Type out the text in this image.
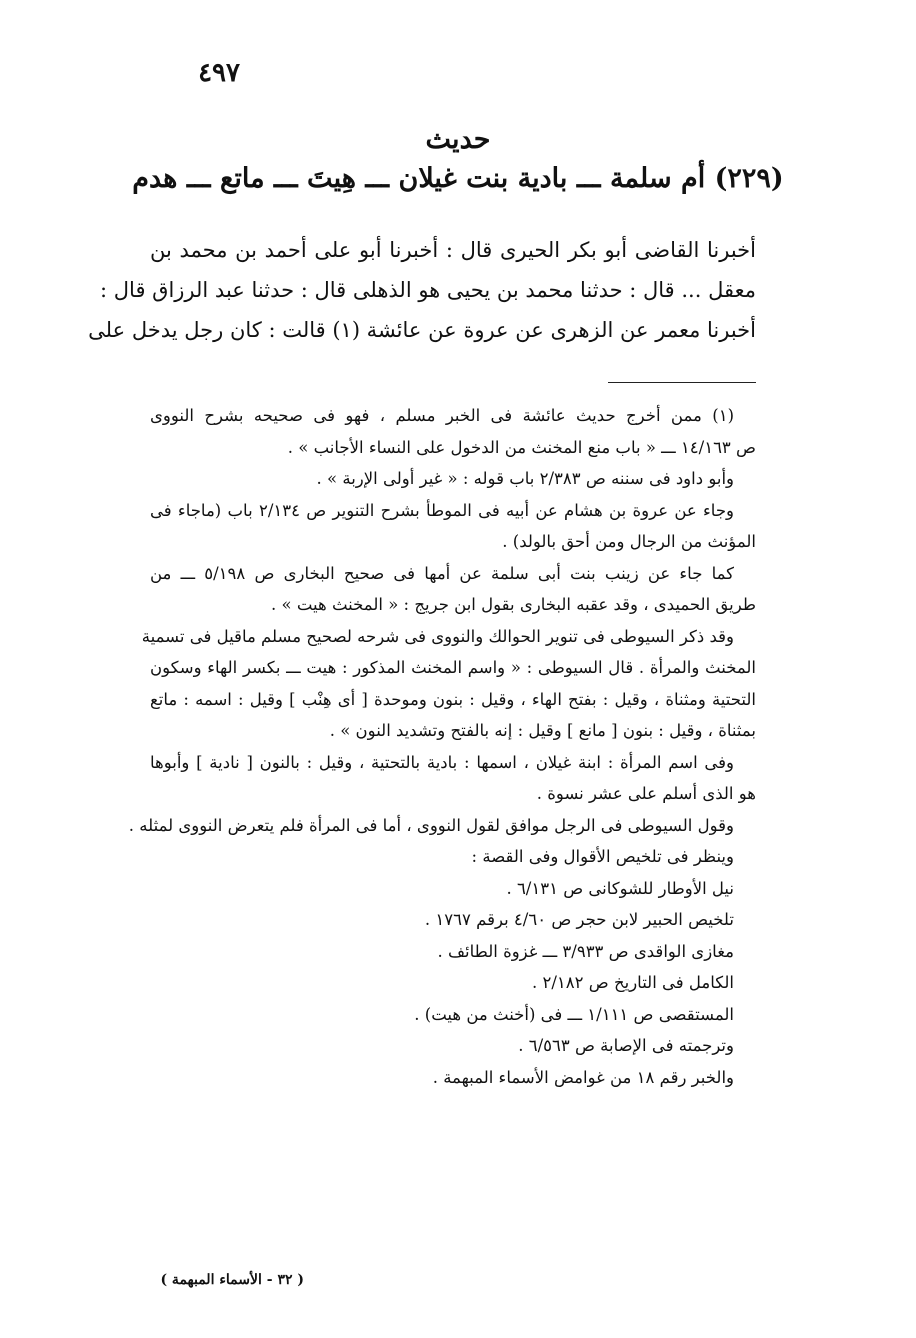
٤٩٧
حديث
(٢٢٩) أم سلمة ـــ بادية بنت غيلان ـــ هِيتَ ـــ ماتع ـــ هدم
أخبرنا القاضى أبو بكر الحيرى قال : أخبرنا أبو على أحمد بن محمد بن
معقل ... قال : حدثنا محمد بن يحيى هو الذهلى قال : حدثنا عبد الرزاق قال :
أخبرنا معمر عن الزهرى عن عروة عن عائشة (١) قالت : كان رجل يدخل على
(١) ممن أخرج حديث عائشة فى الخبر مسلم ، فهو فى صحيحه بشرح النووى
ص ١٤/١٦٣ ـــ « باب منع المخنث من الدخول على النساء الأجانب » .
وأبو داود فى سننه ص ٢/٣٨٣ باب قوله : « غير أولى الإربة » .
وجاء عن عروة بن هشام عن أبيه فى الموطأ بشرح التنوير ص ٢/١٣٤ باب (ماجاء فى
المؤنث من الرجال ومن أحق بالولد) .
كما جاء عن زينب بنت أبى سلمة عن أمها فى صحيح البخارى ص ٥/١٩٨ ـــ من
طريق الحميدى ، وقد عقبه البخارى بقول ابن جريج : « المخنث هيت » .
وقد ذكر السيوطى فى تنوير الحوالك والنووى فى شرحه لصحيح مسلم ماقيل فى تسمية
المخنث والمرأة . قال السيوطى : « واسم المخنث المذكور : هيت ـــ بكسر الهاء وسكون
التحتية ومثناة ، وقيل : بفتح الهاء ، وقيل : بنون وموحدة [ أى هِنْب ] وقيل : اسمه : ماتع
بمثناة ، وقيل : بنون [ مانع ] وقيل : إنه بالفتح وتشديد النون » .
وفى اسم المرأة : ابنة غيلان ، اسمها : بادية بالتحتية ، وقيل : بالنون [ نادية ] وأبوها
هو الذى أسلم على عشر نسوة .
وقول السيوطى فى الرجل موافق لقول النووى ، أما فى المرأة فلم يتعرض النووى لمثله .
وينظر فى تلخيص الأقوال وفى القصة :
نيل الأوطار للشوكانى ص ٦/١٣١ .
تلخيص الحبير لابن حجر ص ٤/٦٠ برقم ١٧٦٧ .
مغازى الواقدى ص ٣/٩٣٣ ـــ غزوة الطائف .
الكامل فى التاريخ ص ٢/١٨٢ .
المستقصى ص ١/١١١ ـــ فى (أخنث من هيت) .
وترجمته فى الإصابة ص ٦/٥٦٣ .
والخبر رقم ١٨ من غوامض الأسماء المبهمة .
( ٣٢ - الأسماء المبهمة )
